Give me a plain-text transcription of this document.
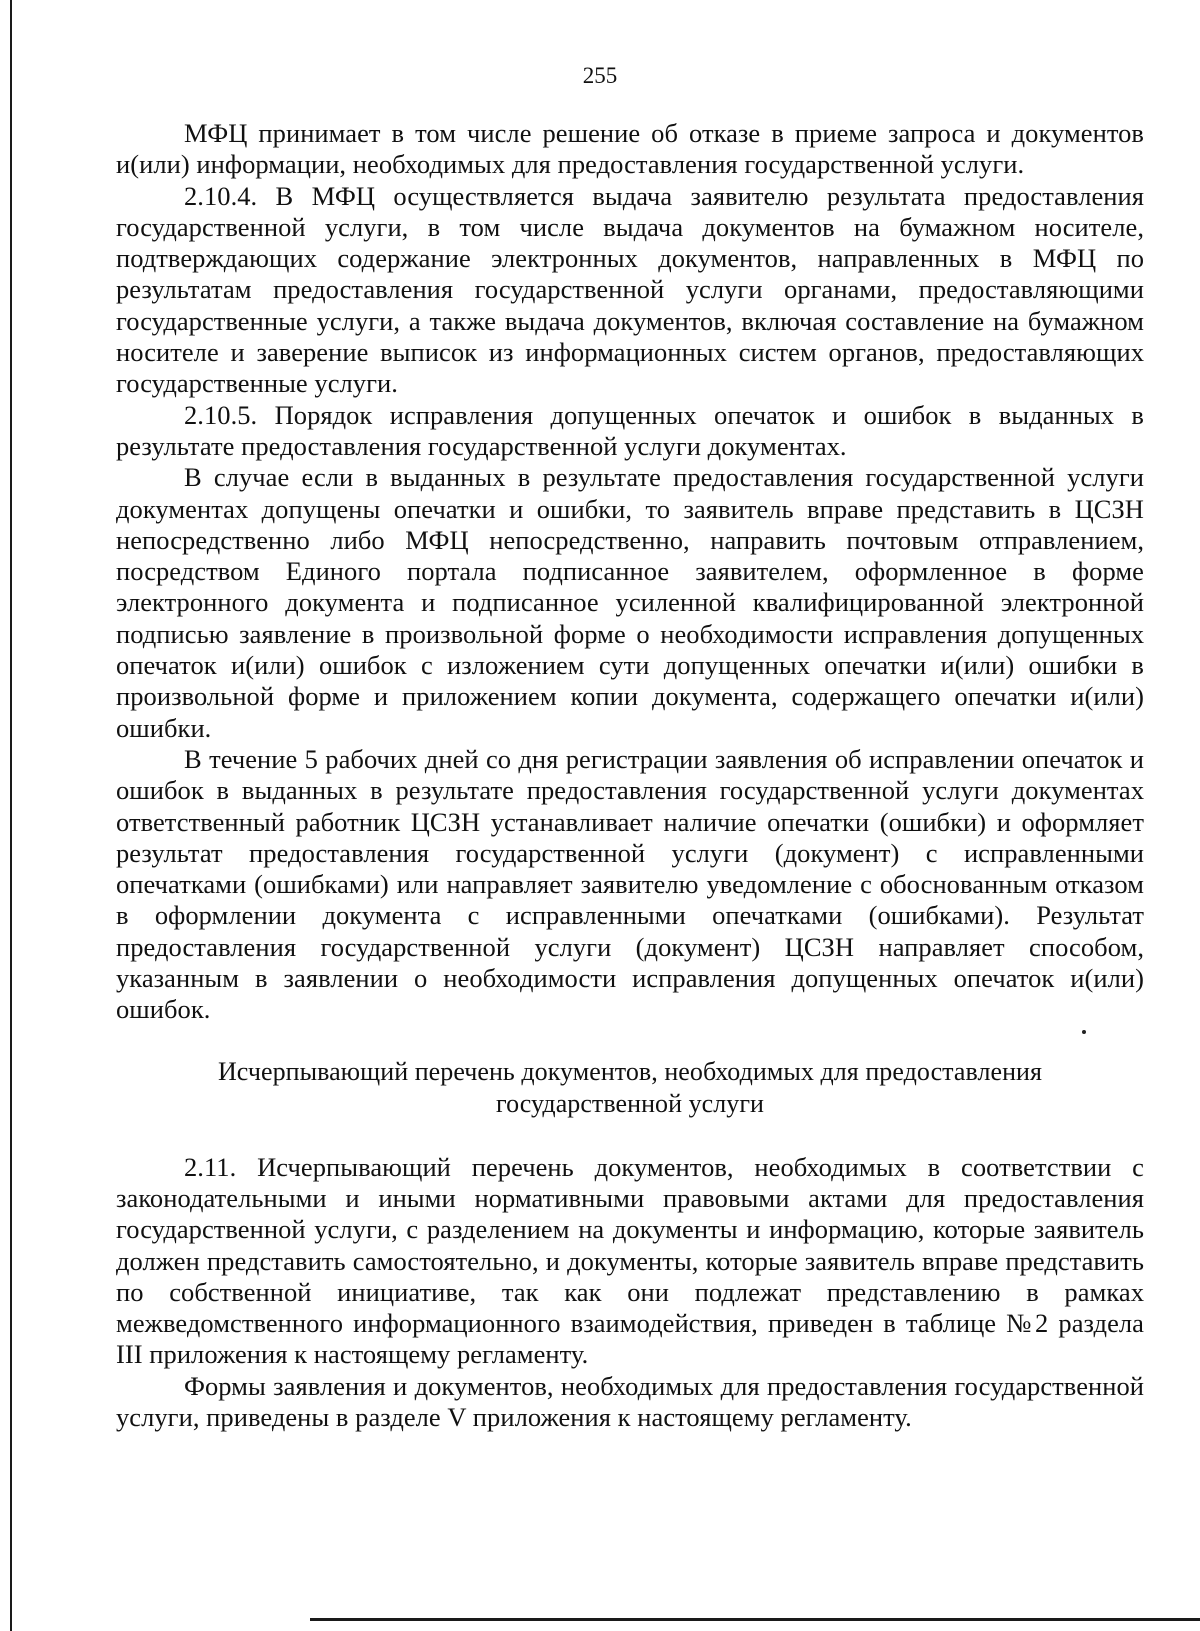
255

МФЦ принимает в том числе решение об отказе в приеме запроса и документов и(или) информации, необходимых для предоставления государственной услуги.

2.10.4. В МФЦ осуществляется выдача заявителю результата предоставления государственной услуги, в том числе выдача документов на бумажном носителе, подтверждающих содержание электронных документов, направленных в МФЦ по результатам предоставления государственной услуги органами, предоставляющими государственные услуги, а также выдача документов, включая составление на бумажном носителе и заверение выписок из информационных систем органов, предоставляющих государственные услуги.

2.10.5. Порядок исправления допущенных опечаток и ошибок в выданных в результате предоставления государственной услуги документах.

В случае если в выданных в результате предоставления государственной услуги документах допущены опечатки и ошибки, то заявитель вправе представить в ЦСЗН непосредственно либо МФЦ непосредственно, направить почтовым отправлением, посредством Единого портала подписанное заявителем, оформленное в форме электронного документа и подписанное усиленной квалифицированной электронной подписью заявление в произвольной форме о необходимости исправления допущенных опечаток и(или) ошибок с изложением сути допущенных опечатки и(или) ошибки в произвольной форме и приложением копии документа, содержащего опечатки и(или) ошибки.

В течение 5 рабочих дней со дня регистрации заявления об исправлении опечаток и ошибок в выданных в результате предоставления государственной услуги документах ответственный работник ЦСЗН устанавливает наличие опечатки (ошибки) и оформляет результат предоставления государственной услуги (документ) с исправленными опечатками (ошибками) или направляет заявителю уведомление с обоснованным отказом в оформлении документа с исправленными опечатками (ошибками). Результат предоставления государственной услуги (документ) ЦСЗН направляет способом, указанным в заявлении о необходимости исправления допущенных опечаток и(или) ошибок.

Исчерпывающий перечень документов, необходимых для предоставления
государственной услуги

2.11. Исчерпывающий перечень документов, необходимых в соответствии с законодательными и иными нормативными правовыми актами для предоставления государственной услуги, с разделением на документы и информацию, которые заявитель должен представить самостоятельно, и документы, которые заявитель вправе представить по собственной инициативе, так как они подлежат представлению в рамках межведомственного информационного взаимодействия, приведен в таблице №2 раздела III приложения к настоящему регламенту.

Формы заявления и документов, необходимых для предоставления государственной услуги, приведены в разделе V приложения к настоящему регламенту.
